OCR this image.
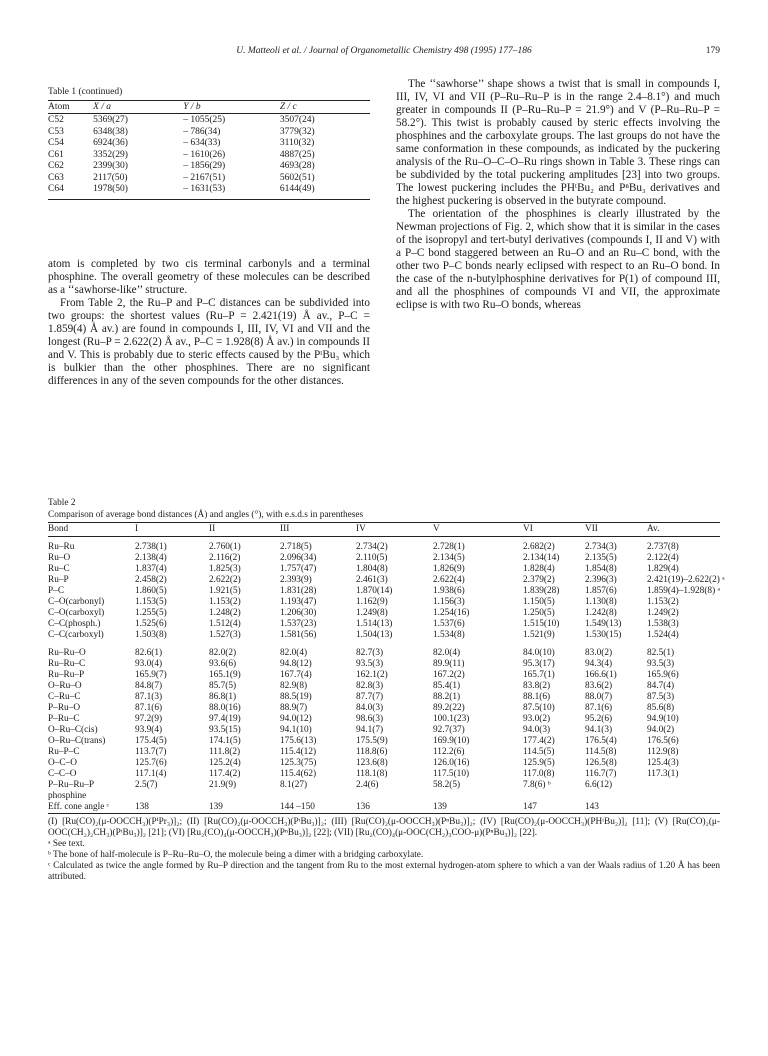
U. Matteoli et al. / Journal of Organometallic Chemistry 498 (1995) 177–186	179
Table 1 (continued)
Atom	X / a	Y / b	Z / c
C52	5369(27)	– 1055(25)	3507(24)
C53	6348(38)	– 786(34)	3779(32)
C54	6924(36)	– 634(33)	3110(32)
C61	3352(29)	– 1610(26)	4887(25)
C62	2399(30)	– 1856(29)	4693(28)
C63	2117(50)	– 2167(51)	5602(51)
C64	1978(50)	– 1631(53)	6144(49)

atom is completed by two cis terminal carbonyls and a terminal phosphine. The overall geometry of these molecules can be described as a ‘‘sawhorse-like’’ structure.

From Table 2, the Ru–P and P–C distances can be subdivided into two groups: the shortest values (Ru–P = 2.421(19) Å av., P–C = 1.859(4) Å av.) are found in compounds I, III, IV, VI and VII and the longest (Ru–P = 2.622(2) Å av., P–C = 1.928(8) Å av.) in compounds II and V. This is probably due to steric effects caused by the PᵗBu₃ which is bulkier than the other phosphines. There are no significant differences in any of the seven compounds for the other distances.

The ‘‘sawhorse’’ shape shows a twist that is small in compounds I, III, IV, VI and VII (P–Ru–Ru–P is in the range 2.4–8.1°) and much greater in compounds II (P–Ru–Ru–P = 21.9°) and V (P–Ru–Ru–P = 58.2°). This twist is probably caused by steric effects involving the phosphines and the carboxylate groups. The last groups do not have the same conformation in these compounds, as indicated by the puckering analysis of the Ru–O–C–O–Ru rings shown in Table 3. These rings can be subdivided by the total puckering amplitudes [23] into two groups. The lowest puckering includes the PHᵗBu₂ and PⁿBu₃ derivatives and the highest puckering is observed in the butyrate compound.

The orientation of the phosphines is clearly illustrated by the Newman projections of Fig. 2, which show that it is similar in the cases of the isopropyl and tert-butyl derivatives (compounds I, II and V) with a P–C bond staggered between an Ru–O and an Ru–C bond, with the other two P–C bonds nearly eclipsed with respect to an Ru–O bond. In the case of the n-butylphosphine derivatives for P(1) of compound III, and all the phosphines of compounds VI and VII, the approximate eclipse is with two Ru–O bonds, whereas

Table 2
Comparison of average bond distances (Å) and angles (°), with e.s.d.s in parentheses
Bond	I	II	III	IV	V	VI	VII	Av.

Ru–Ru	2.738(1)	2.760(1)	2.718(5)	2.734(2)	2.728(1)	2.682(2)	2.734(3)	2.737(8)
Ru–O	2.138(4)	2.116(2)	2.096(34)	2.110(5)	2.134(5)	2.134(14)	2.135(5)	2.122(4)
Ru–C	1.837(4)	1.825(3)	1.757(47)	1.804(8)	1.826(9)	1.828(4)	1.854(8)	1.829(4)
Ru–P	2.458(2)	2.622(2)	2.393(9)	2.461(3)	2.622(4)	2.379(2)	2.396(3)	2.421(19)–2.622(2) ᵃ
P–C	1.860(5)	1.921(5)	1.831(28)	1.870(14)	1.938(6)	1.839(28)	1.857(6)	1.859(4)–1.928(8) ᵃ
C–O(carbonyl)	1.153(5)	1.153(2)	1.193(47)	1.162(9)	1.156(3)	1.150(5)	1.130(8)	1.153(2)
C–O(carboxyl)	1.255(5)	1.248(2)	1.206(30)	1.249(8)	1.254(16)	1.250(5)	1.242(8)	1.249(2)
C–C(phosph.)	1.525(6)	1.512(4)	1.537(23)	1.514(13)	1.537(6)	1.515(10)	1.549(13)	1.538(3)
C–C(carboxyl)	1.503(8)	1.527(3)	1.581(56)	1.504(13)	1.534(8)	1.521(9)	1.530(15)	1.524(4)

Ru–Ru–O	82.6(1)	82.0(2)	82.0(4)	82.7(3)	82.0(4)	84.0(10)	83.0(2)	82.5(1)
Ru–Ru–C	93.0(4)	93.6(6)	94.8(12)	93.5(3)	89.9(11)	95.3(17)	94.3(4)	93.5(3)
Ru–Ru–P	165.9(7)	165.1(9)	167.7(4)	162.1(2)	167.2(2)	165.7(1)	166.6(1)	165.9(6)
O–Ru–O	84.8(7)	85.7(5)	82.9(8)	82.8(3)	85.4(1)	83.8(2)	83.6(2)	84.7(4)
C–Ru–C	87.1(3)	86.8(1)	88.5(19)	87.7(7)	88.2(1)	88.1(6)	88.0(7)	87.5(3)
P–Ru–O	87.1(6)	88.0(16)	88.9(7)	84.0(3)	89.2(22)	87.5(10)	87.1(6)	85.6(8)
P–Ru–C	97.2(9)	97.4(19)	94.0(12)	98.6(3)	100.1(23)	93.0(2)	95.2(6)	94.9(10)
O–Ru–C(cis)	93.9(4)	93.5(15)	94.1(10)	94.1(7)	92.7(37)	94.0(3)	94.1(3)	94.0(2)
O–Ru–C(trans)	175.4(5)	174.1(5)	175.6(13)	175.5(9)	169.9(10)	177.4(2)	176.5(4)	176.5(6)
Ru–P–C	113.7(7)	111.8(2)	115.4(12)	118.8(6)	112.2(6)	114.5(5)	114.5(8)	112.9(8)
O–C–O	125.7(6)	125.2(4)	125.3(75)	123.6(8)	126.0(16)	125.9(5)	126.5(8)	125.4(3)
C–C–O	117.1(4)	117.4(2)	115.4(62)	118.1(8)	117.5(10)	117.0(8)	116.7(7)	117.3(1)
P–Ru–Ru–P	2.5(7)	21.9(9)	8.1(27)	2.4(6)	58.2(5)	7.8(6) ᵇ	6.6(12)	
phosphine								
Eff. cone angle ᶜ	138	139	144 –150	136	139	147	143	

(I) [Ru(CO)₂(μ-OOCCH₃)(PⁱPr₃)]₂; (II) [Ru(CO)₂(μ-OOCCH₃)(PᵗBu₃)]₂; (III) [Ru(CO)₂(μ-OOCCH₃)(PⁿBu₃)]₂; (IV) [Ru(CO)₂(μ-OOCCH₃)(PHᵗBu₂)]₂ [11]; (V) [Ru(CO)₂(μ-OOC(CH₂)₂CH₃)(PᵗBu₃)]₂ [21]; (VI) [Ru₂(CO)₄(μ-OOCCH₃)(PⁿBu₃)]₂ [22]; (VII) [Ru₂(CO)₄(μ-OOC(CH₂)₃COO-μ)(PⁿBu₃)]₂ [22].

ᵃ See text.

ᵇ The bone of half-molecule is P–Ru–Ru–O, the molecule being a dimer with a bridging carboxylate.

ᶜ Calculated as twice the angle formed by Ru–P direction and the tangent from Ru to the most external hydrogen-atom sphere to which a van der Waals radius of 1.20 Å has been attributed.
